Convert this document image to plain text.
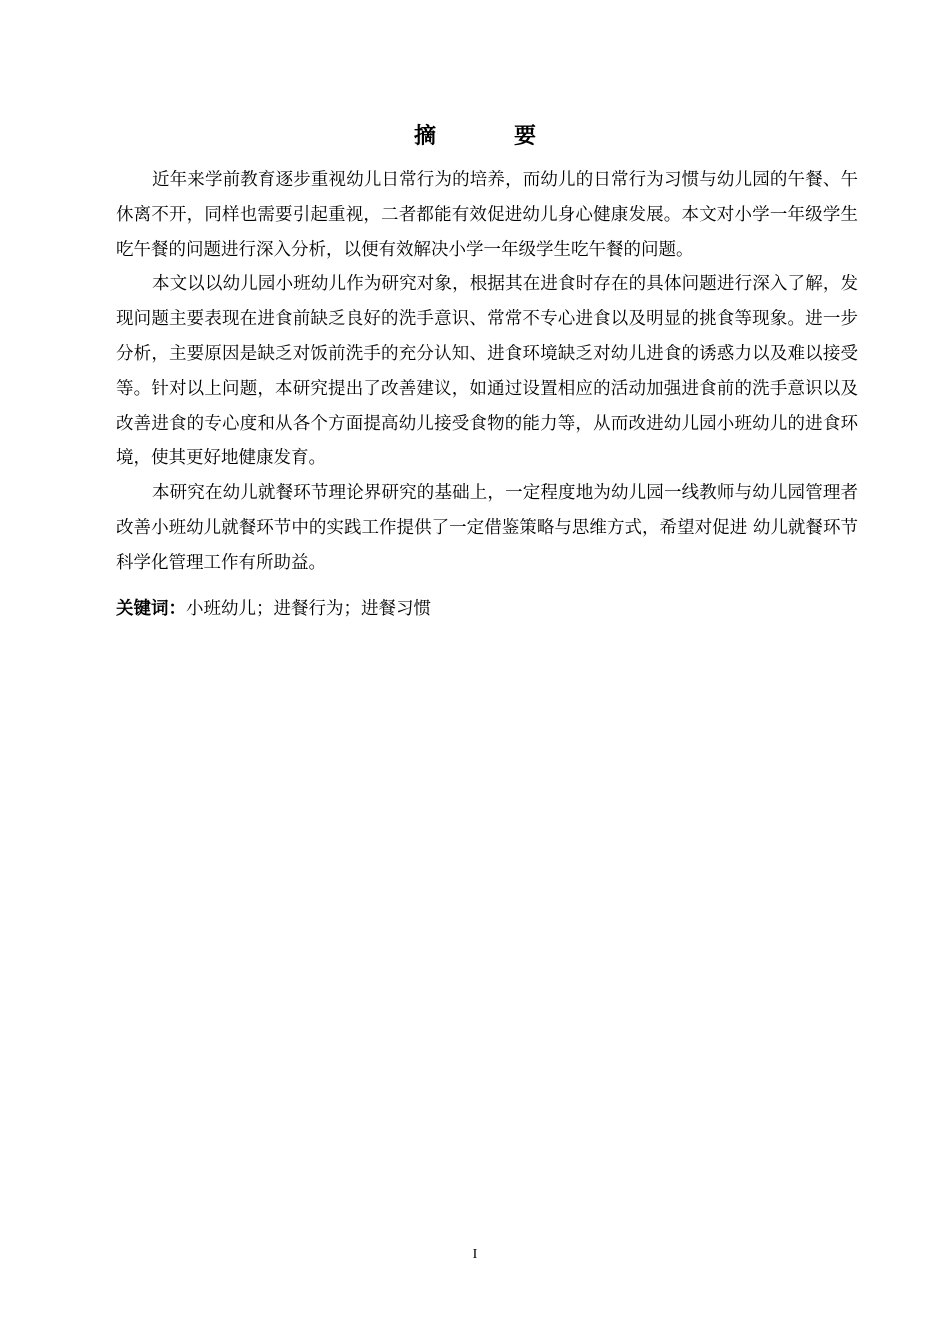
摘　要

近年来学前教育逐步重视幼儿日常行为的培养，而幼儿的日常行为习惯与幼儿园的午餐、午休离不开，同样也需要引起重视，二者都能有效促进幼儿身心健康发展。本文对小学一年级学生吃午餐的问题进行深入分析，以便有效解决小学一年级学生吃午餐的问题。

本文以以幼儿园小班幼儿作为研究对象，根据其在进食时存在的具体问题进行深入了解，发现问题主要表现在进食前缺乏良好的洗手意识、常常不专心进食以及明显的挑食等现象。进一步分析，主要原因是缺乏对饭前洗手的充分认知、进食环境缺乏对幼儿进食的诱惑力以及难以接受等。针对以上问题，本研究提出了改善建议，如通过设置相应的活动加强进食前的洗手意识以及改善进食的专心度和从各个方面提高幼儿接受食物的能力等，从而改进幼儿园小班幼儿的进食环境，使其更好地健康发育。

本研究在幼儿就餐环节理论界研究的基础上，一定程度地为幼儿园一线教师与幼儿园管理者改善小班幼儿就餐环节中的实践工作提供了一定借鉴策略与思维方式，希望对促进 幼儿就餐环节科学化管理工作有所助益。

关键词：小班幼儿；进餐行为；进餐习惯
I
